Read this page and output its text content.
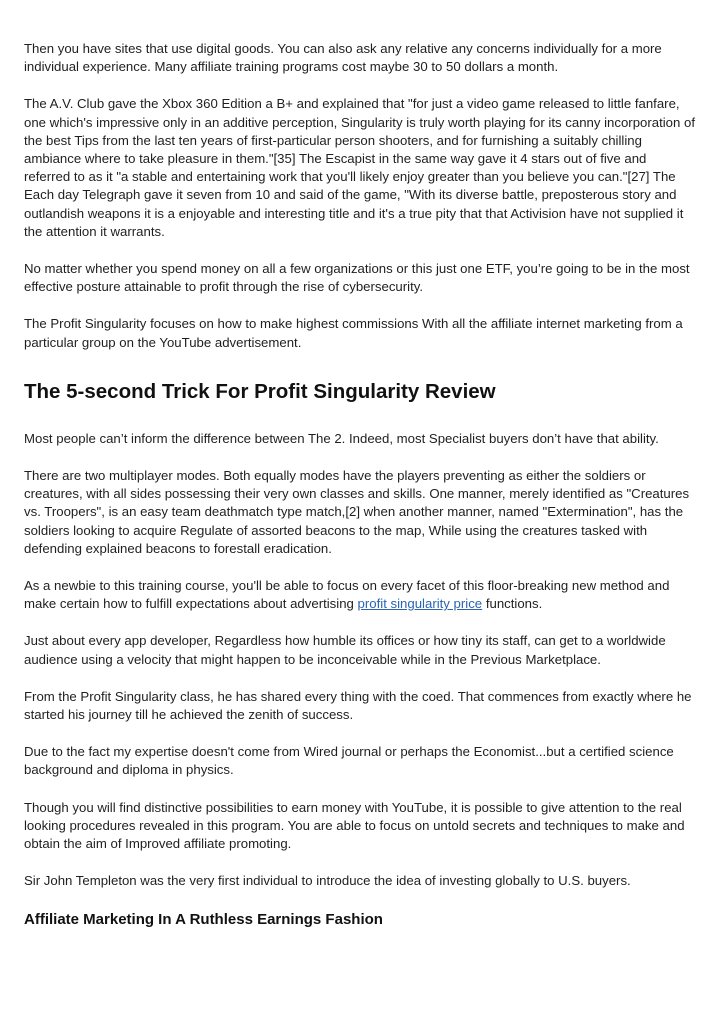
Then you have sites that use digital goods. You can also ask any relative any concerns individually for a more individual experience. Many affiliate training programs cost maybe 30 to 50 dollars a month.

The A.V. Club gave the Xbox 360 Edition a B+ and explained that "for just a video game released to little fanfare, one which's impressive only in an additive perception, Singularity is truly worth playing for its canny incorporation of the best Tips from the last ten years of first-particular person shooters, and for furnishing a suitably chilling ambiance where to take pleasure in them."[35] The Escapist in the same way gave it 4 stars out of five and referred to as it "a stable and entertaining work that you'll likely enjoy greater than you believe you can."[27] The Each day Telegraph gave it seven from 10 and said of the game, "With its diverse battle, preposterous story and outlandish weapons it is a enjoyable and interesting title and it's a true pity that that Activision have not supplied it the attention it warrants.

No matter whether you spend money on all a few organizations or this just one ETF, you’re going to be in the most effective posture attainable to profit through the rise of cybersecurity.

The Profit Singularity focuses on how to make highest commissions With all the affiliate internet marketing from a particular group on the YouTube advertisement.

The 5-second Trick For Profit Singularity Review

Most people can’t inform the difference between The 2. Indeed, most Specialist buyers don’t have that ability.

There are two multiplayer modes. Both equally modes have the players preventing as either the soldiers or creatures, with all sides possessing their very own classes and skills. One manner, merely identified as "Creatures vs. Troopers", is an easy team deathmatch type match,[2] when another manner, named "Extermination", has the soldiers looking to acquire Regulate of assorted beacons to the map, While using the creatures tasked with defending explained beacons to forestall eradication.

As a newbie to this training course, you'll be able to focus on every facet of this floor-breaking new method and make certain how to fulfill expectations about advertising profit singularity price functions.

Just about every app developer, Regardless how humble its offices or how tiny its staff, can get to a worldwide audience using a velocity that might happen to be inconceivable while in the Previous Marketplace.

From the Profit Singularity class, he has shared every thing with the coed. That commences from exactly where he started his journey till he achieved the zenith of success.

Due to the fact my expertise doesn't come from Wired journal or perhaps the Economist...but a certified science background and diploma in physics.

Though you will find distinctive possibilities to earn money with YouTube, it is possible to give attention to the real looking procedures revealed in this program. You are able to focus on untold secrets and techniques to make and obtain the aim of Improved affiliate promoting.

Sir John Templeton was the very first individual to introduce the idea of investing globally to U.S. buyers.

Affiliate Marketing In A Ruthless Earnings Fashion
